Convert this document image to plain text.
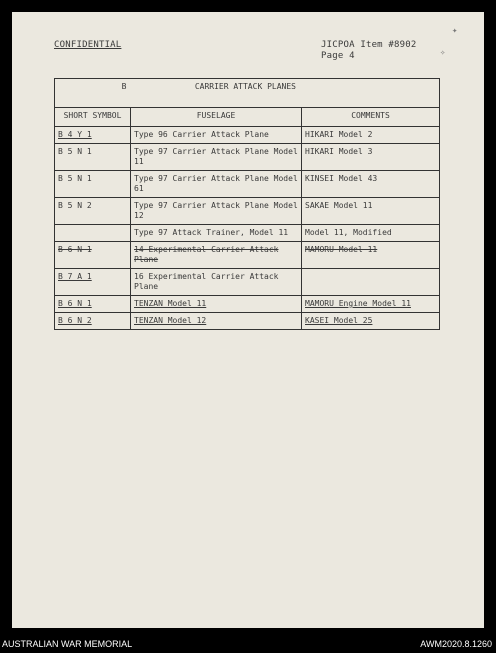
CONFIDENTIAL	JICPOA Item #8902
Page 4
✦
✧
B CARRIER ATTACK PLANES		
SHORT SYMBOL	FUSELAGE	COMMENTS
B 4 Y 1	Type 96 Carrier Attack Plane	HIKARI Model 2
B 5 N 1	Type 97 Carrier Attack Plane Model 11	HIKARI Model 3
B 5 N 1	Type 97 Carrier Attack Plane Model 61	KINSEI Model 43
B 5 N 2	Type 97 Carrier Attack Plane Model 12	SAKAE Model 11
	Type 97 Attack Trainer, Model 11	Model 11, Modified
B 6 N 1	14 Experimental Carrier Attack Plane	MAMORU Model 11
B 7 A 1	16 Experimental Carrier Attack Plane	
B 6 N 1	TENZAN Model 11	MAMORU Engine Model 11
B 6 N 2	TENZAN Model 12	KASEI Model 25
AUSTRALIAN WAR MEMORIAL	AWM2020.8.1260
